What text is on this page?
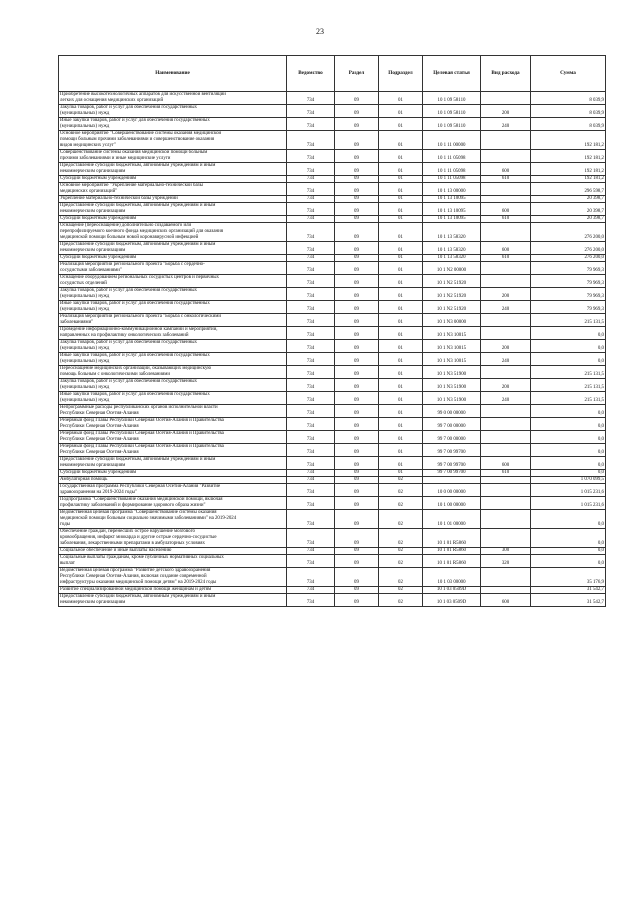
23
Наименование	Ведомство	Раздел	Подраздел	Целевая статья	Вид расхода	Сумма
Приобретение высокотехнологичных аппаратов для искусственной вентиляции
легких для оснащения медицинских организаций	734	09	01	10 1 09 58110		8 039,9
Закупка товаров, работ и услуг для обеспечения государственных
(муниципальных) нужд	734	09	01	10 1 09 58110	200	8 039,9
Иные закупки товаров, работ и услуг для обеспечения государственных
(муниципальных) нужд	734	09	01	10 1 09 58110	240	8 039,9
Основное мероприятие "Совершенствование системы оказания медицинской
помощи больным прочими заболеваниями и совершенствование оказания
видов медицинских услуг"	734	09	01	10 1 11 00000		192 181,2
Совершенствование системы оказания медицинской помощи больным
прочими заболеваниями и иные медицинские услуги	734	09	01	10 1 11 05098		192 181,2
Предоставление субсидий бюджетным, автономным учреждениям и иным
некоммерческим организациям	734	09	01	10 1 11 05098	600	192 181,2
Субсидии бюджетным учреждениям	734	09	01	10 1 11 05098	610	192 181,2
Основное мероприятие "Укрепление материально-технической базы
медицинских организаций"	734	09	01	10 1 13 00000		296 598,7
Укрепление материально-технической базы учреждений	734	09	01	10 1 13 10095		20 398,7
Предоставление субсидий бюджетным, автономным учреждениям и иным
некоммерческим организациям	734	09	01	10 1 13 10095	600	20 398,7
Субсидии бюджетным учреждениям	734	09	01	10 1 13 10095	610	20 398,7
Оснащение (переоснащение) дополнительно создаваемого или
перепрофилируемого коечного фонда медицинских организаций для оказания
медицинской помощи больным новой коронавирусной инфекцией	734	09	01	10 1 13 58320		276 200,0
Предоставление субсидий бюджетным, автономным учреждениям и иным
некоммерческим организациям	734	09	01	10 1 13 58320	600	276 200,0
Субсидии бюджетным учреждениям	734	09	01	10 1 13 58320	610	276 200,0
Реализация мероприятий регионального проекта "Борьба с сердечно-
сосудистыми заболеваниями"	734	09	01	10 1 N2 00000		79 969,3
Оснащение оборудованием региональных сосудистых центров и первичных
сосудистых отделений	734	09	01	10 1 N2 51920		79 969,3
Закупка товаров, работ и услуг для обеспечения государственных
(муниципальных) нужд	734	09	01	10 1 N2 51920	200	79 969,3
Иные закупки товаров, работ и услуг для обеспечения государственных
(муниципальных) нужд	734	09	01	10 1 N2 51920	240	79 969,3
Реализация мероприятий регионального проекта "Борьба с онкологическими
заболеваниями"	734	09	01	10 1 N3 00000		215 131,5
Проведение информационно-коммуникационной кампании и мероприятий,
направленных на профилактику онкологических заболеваний	734	09	01	10 1 N3 10015		0,0
Закупка товаров, работ и услуг для обеспечения государственных
(муниципальных) нужд	734	09	01	10 1 N3 10015	200	0,0
Иные закупки товаров, работ и услуг для обеспечения государственных
(муниципальных) нужд	734	09	01	10 1 N3 10015	240	0,0
Переоснащение медицинских организаций, оказывающих медицинскую
помощь больным с онкологическими заболеваниями	734	09	01	10 1 N3 51900		215 131,5
Закупка товаров, работ и услуг для обеспечения государственных
(муниципальных) нужд	734	09	01	10 1 N3 51900	200	215 131,5
Иные закупки товаров, работ и услуг для обеспечения государственных
(муниципальных) нужд	734	09	01	10 1 N3 51900	240	215 131,5
Непрограммные расходы республиканских органов исполнительной власти
Республики Северная Осетия-Алания	734	09	01	99 0 00 00000		0,0
Резервный фонд Главы Республики Северная Осетия-Алания и Правительства
Республики Северная Осетия-Алания	734	09	01	99 7 00 00000		0,0
Резервный фонд Главы Республики Северная Осетия-Алания и Правительства
Республики Северная Осетия-Алания	734	09	01	99 7 00 00000		0,0
Резервный фонд Главы Республики Северная Осетия-Алания и Правительства
Республики Северная Осетия-Алания	734	09	01	99 7 00 99700		0,0
Предоставление субсидий бюджетным, автономным учреждениям и иным
некоммерческим организациям	734	09	01	99 7 00 99700	600	0,0
Субсидии бюджетным учреждениям	734	09	01	99 7 00 99700	610	0,0
Амбулаторная помощь	734	09	02			1 070 099,5
Государственная программа Республики Северная Осетия-Алания "Развитие
здравоохранения на 2019-2024 годы"	734	09	02	10 0 00 00000		1 015 231,6
Подпрограмма "Совершенствование оказания медицинской помощи, включая
профилактику заболеваний и формирование здорового образа жизни"	734	09	02	10 1 00 00000		1 015 231,6
Ведомственная целевая программа "Совершенствование системы оказания
медицинской помощи больным социально значимыми заболеваниями" на 2019-2024
годы	734	09	02	10 1 01 00000		0,0
Обеспечение граждан, перенесших острое нарушение мозгового
кровообращения, инфаркт миокарда и другие острые сердечно-сосудистые
заболевания, лекарственными препаратами в амбулаторных условиях	734	09	02	10 1 01 R5860		0,0
Социальное обеспечение и иные выплаты населению	734	09	02	10 1 01 R5860	300	0,0
Социальные выплаты гражданам, кроме публичных нормативных социальных
выплат	734	09	02	10 1 01 R5860	320	0,0
Ведомственная целевая программа "Развитие детского здравоохранения
Республики Северная Осетия-Алания, включая создание современной
инфраструктуры оказания медицинской помощи детям" на 2019-2024 годы	734	09	02	10 1 03 00000		35 176,9
Развитие специализированной медицинской помощи женщинам и детям	734	09	02	10 1 03 0509D		31 542,7
Предоставление субсидий бюджетным, автономным учреждениям и иным
некоммерческим организациям	734	09	02	10 1 03 0509D	600	31 542,7
